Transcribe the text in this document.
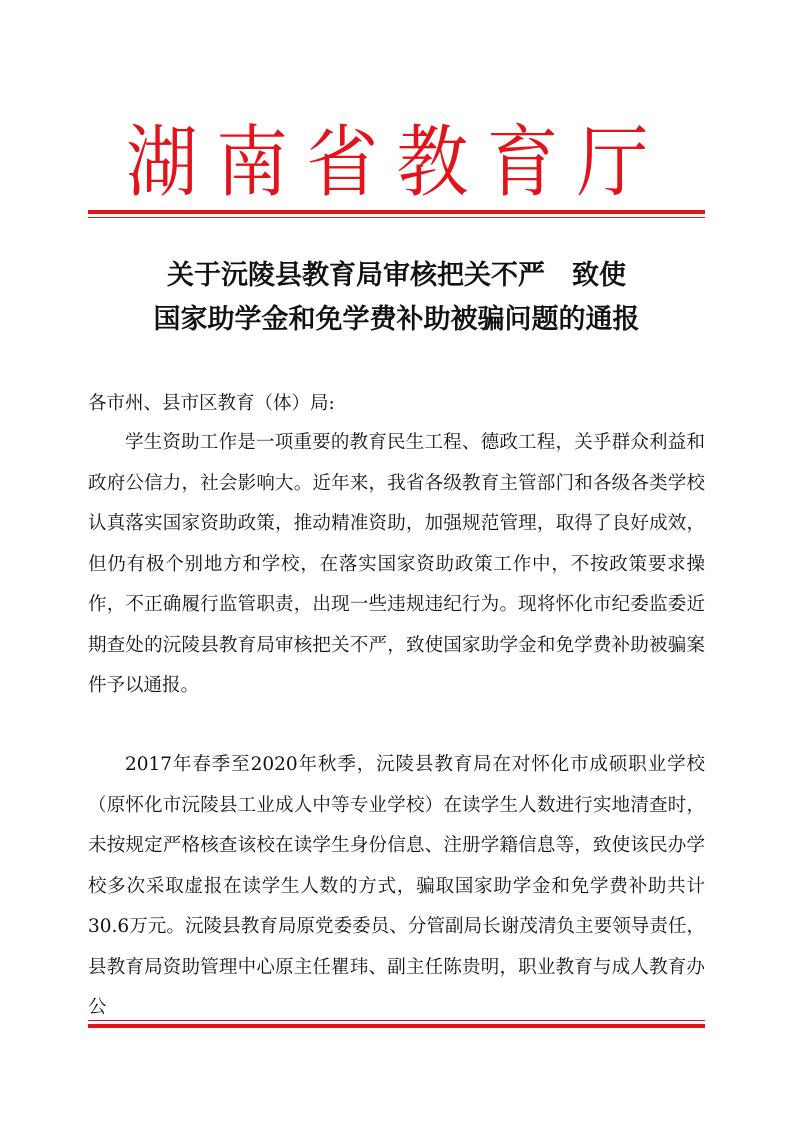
湖南省教育厅
关于沅陵县教育局审核把关不严　致使
国家助学金和免学费补助被骗问题的通报
各市州、县市区教育（体）局:

学生资助工作是一项重要的教育民生工程、德政工程，关乎群众利益和政府公信力，社会影响大。近年来，我省各级教育主管部门和各级各类学校认真落实国家资助政策，推动精准资助，加强规范管理，取得了良好成效，但仍有极个别地方和学校，在落实国家资助政策工作中，不按政策要求操作，不正确履行监管职责，出现一些违规违纪行为。现将怀化市纪委监委近期查处的沅陵县教育局审核把关不严，致使国家助学金和免学费补助被骗案件予以通报。

2017年春季至2020年秋季，沅陵县教育局在对怀化市成硕职业学校（原怀化市沅陵县工业成人中等专业学校）在读学生人数进行实地清查时，未按规定严格核查该校在读学生身份信息、注册学籍信息等，致使该民办学校多次采取虚报在读学生人数的方式，骗取国家助学金和免学费补助共计30.6万元。沅陵县教育局原党委委员、分管副局长谢茂清负主要领导责任，县教育局资助管理中心原主任瞿玮、副主任陈贵明，职业教育与成人教育办公
